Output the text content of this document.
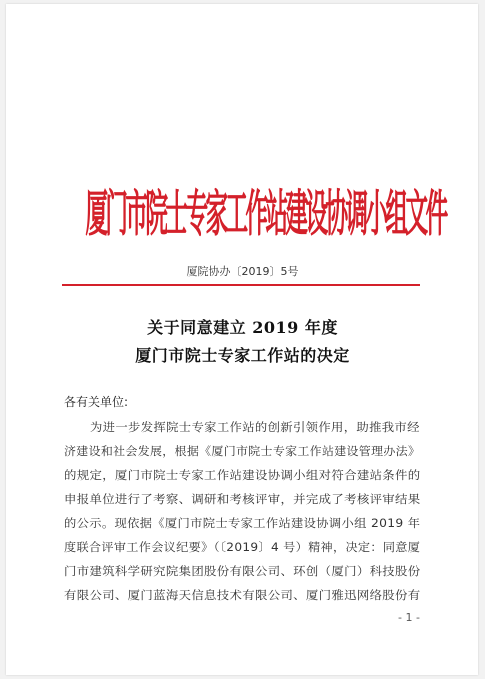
厦门市院士专家工作站建设协调小组文件
厦院协办〔2019〕5号
关于同意建立 2019 年度
厦门市院士专家工作站的决定
各有关单位:
为进一步发挥院士专家工作站的创新引领作用，助推我市经
济建设和社会发展，根据《厦门市院士专家工作站建设管理办法》
的规定，厦门市院士专家工作站建设协调小组对符合建站条件的
申报单位进行了考察、调研和考核评审，并完成了考核评审结果
的公示。现依据《厦门市院士专家工作站建设协调小组 2019 年
度联合评审工作会议纪要》（〔2019〕4 号）精神，决定：同意厦
门市建筑科学研究院集团股份有限公司、环创（厦门）科技股份
有限公司、厦门蓝海天信息技术有限公司、厦门雅迅网络股份有
- 1 -
